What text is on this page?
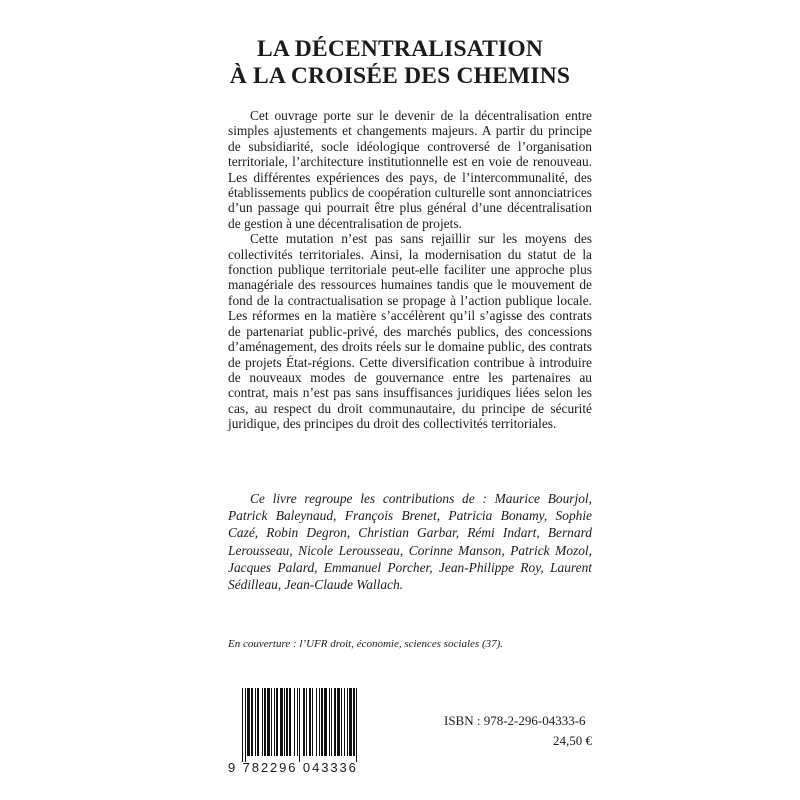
LA DÉCENTRALISATION
À LA CROISÉE DES CHEMINS

Cet ouvrage porte sur le devenir de la décentralisation entre simples ajustements et changements majeurs. A partir du principe de subsidiarité, socle idéologique controversé de l’organisation territoriale, l’architecture institutionnelle est en voie de renouveau. Les différentes expériences des pays, de l’intercommunalité, des établissements publics de coopération culturelle sont annonciatrices d’un passage qui pourrait être plus général d’une décentralisation de gestion à une décentralisation de projets.

Cette mutation n’est pas sans rejaillir sur les moyens des collectivités territoriales. Ainsi, la modernisation du statut de la fonction publique territoriale peut-elle faciliter une approche plus managériale des ressources humaines tandis que le mouvement de fond de la contractualisation se propage à l’action publique locale. Les réformes en la matière s’accélèrent qu’il s’agisse des contrats de partenariat public-privé, des marchés publics, des concessions d’aménagement, des droits réels sur le domaine public, des contrats de projets État-régions. Cette diversification contribue à introduire de nouveaux modes de gouvernance entre les partenaires au contrat, mais n’est pas sans insuffisances juridiques liées selon les cas, au respect du droit communautaire, du principe de sécurité juridique, des principes du droit des collectivités territoriales.

Ce livre regroupe les contributions de : Maurice Bourjol, Patrick Baleynaud, François Brenet, Patricia Bonamy, Sophie Cazé, Robin Degron, Christian Garbar, Rémi Indart, Bernard Lerousseau, Nicole Lerousseau, Corinne Manson, Patrick Mozol, Jacques Palard, Emmanuel Porcher, Jean-Philippe Roy, Laurent Sédilleau, Jean-Claude Wallach.

En couverture : l’UFR droit, économie, sciences sociales (37).
9 782296 043336
ISBN : 978-2-296-04333-6
24,50 €
